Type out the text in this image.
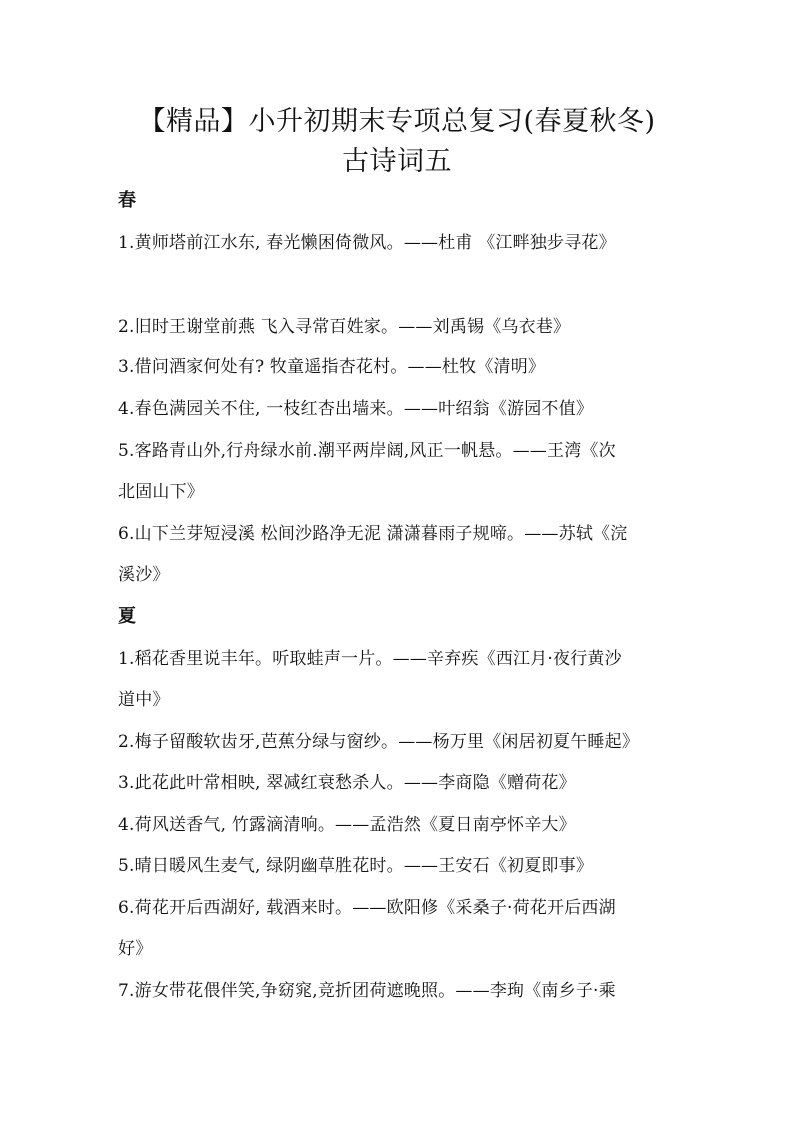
【精品】小升初期末专项总复习(春夏秋冬)
古诗词五
春
1.黄师塔前江水东, 春光懒困倚微风。——杜甫 《江畔独步寻花》
2.旧时王谢堂前燕 飞入寻常百姓家。——刘禹锡《乌衣巷》
3.借问酒家何处有? 牧童遥指杏花村。——杜牧《清明》
4.春色满园关不住, 一枝红杏出墙来。——叶绍翁《游园不值》
5.客路青山外,行舟绿水前.潮平两岸阔,风正一帆悬。——王湾《次
北固山下》
6.山下兰芽短浸溪 松间沙路净无泥 潇潇暮雨子规啼。——苏轼《浣
溪沙》
夏
1.稻花香里说丰年。听取蛙声一片。——辛弃疾《西江月·夜行黄沙
道中》
2.梅子留酸软齿牙,芭蕉分绿与窗纱。——杨万里《闲居初夏午睡起》
3.此花此叶常相映, 翠减红衰愁杀人。——李商隐《赠荷花》
4.荷风送香气, 竹露滴清响。——孟浩然《夏日南亭怀辛大》
5.晴日暖风生麦气, 绿阴幽草胜花时。——王安石《初夏即事》
6.荷花开后西湖好, 载酒来时。——欧阳修《采桑子·荷花开后西湖
好》
7.游女带花偎伴笑,争窈窕,竞折团荷遮晚照。——李珣《南乡子·乘
